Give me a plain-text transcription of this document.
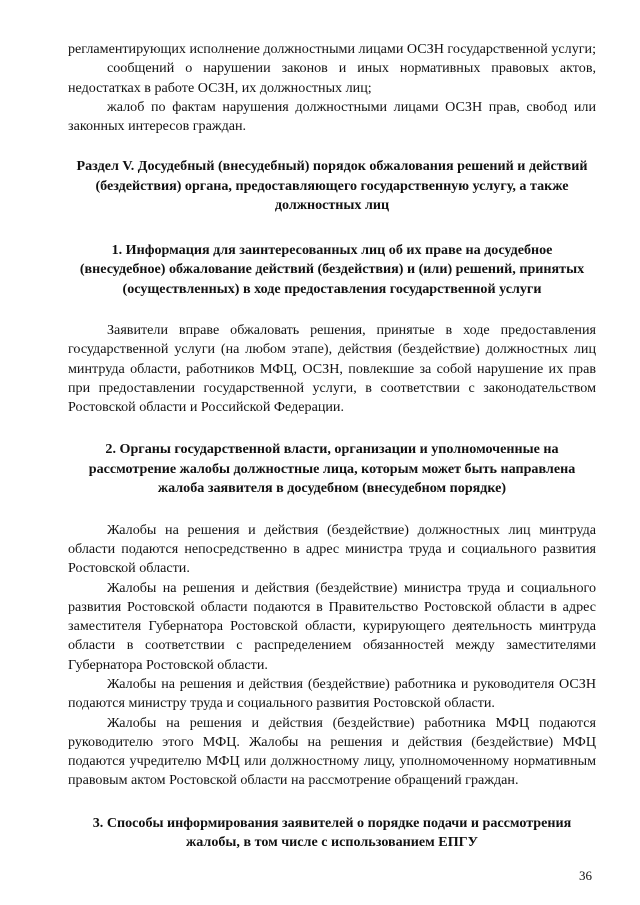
регламентирующих исполнение должностными лицами ОСЗН государственной услуги;

сообщений о нарушении законов и иных нормативных правовых актов, недостатках в работе ОСЗН, их должностных лиц;

жалоб по фактам нарушения должностными лицами ОСЗН прав, свобод или законных интересов граждан.

Раздел V. Досудебный (внесудебный) порядок обжалования решений и действий (бездействия) органа, предоставляющего государственную услугу, а также должностных лиц
1. Информация для заинтересованных лиц об их праве на досудебное (внесудебное) обжалование действий (бездействия) и (или) решений, принятых (осуществленных) в ходе предоставления государственной услуги

Заявители вправе обжаловать решения, принятые в ходе предоставления государственной услуги (на любом этапе), действия (бездействие) должностных лиц минтруда области, работников МФЦ, ОСЗН, повлекшие за собой нарушение их прав при предоставлении государственной услуги, в соответствии с законодательством Ростовской области и Российской Федерации.

2. Органы государственной власти, организации и уполномоченные на рассмотрение жалобы должностные лица, которым может быть направлена жалоба заявителя в досудебном (внесудебном порядке)

Жалобы на решения и действия (бездействие) должностных лиц минтруда области подаются непосредственно в адрес министра труда и социального развития Ростовской области.

Жалобы на решения и действия (бездействие) министра труда и социального развития Ростовской области подаются в Правительство Ростовской области в адрес заместителя Губернатора Ростовской области, курирующего деятельность минтруда области в соответствии с распределением обязанностей между заместителями Губернатора Ростовской области.

Жалобы на решения и действия (бездействие) работника и руководителя ОСЗН подаются министру труда и социального развития Ростовской области.

Жалобы на решения и действия (бездействие) работника МФЦ подаются руководителю этого МФЦ. Жалобы на решения и действия (бездействие) МФЦ подаются учредителю МФЦ или должностному лицу, уполномоченному нормативным правовым актом Ростовской области на рассмотрение обращений граждан.

3. Способы информирования заявителей о порядке подачи и рассмотрения жалобы, в том числе с использованием ЕПГУ
36
